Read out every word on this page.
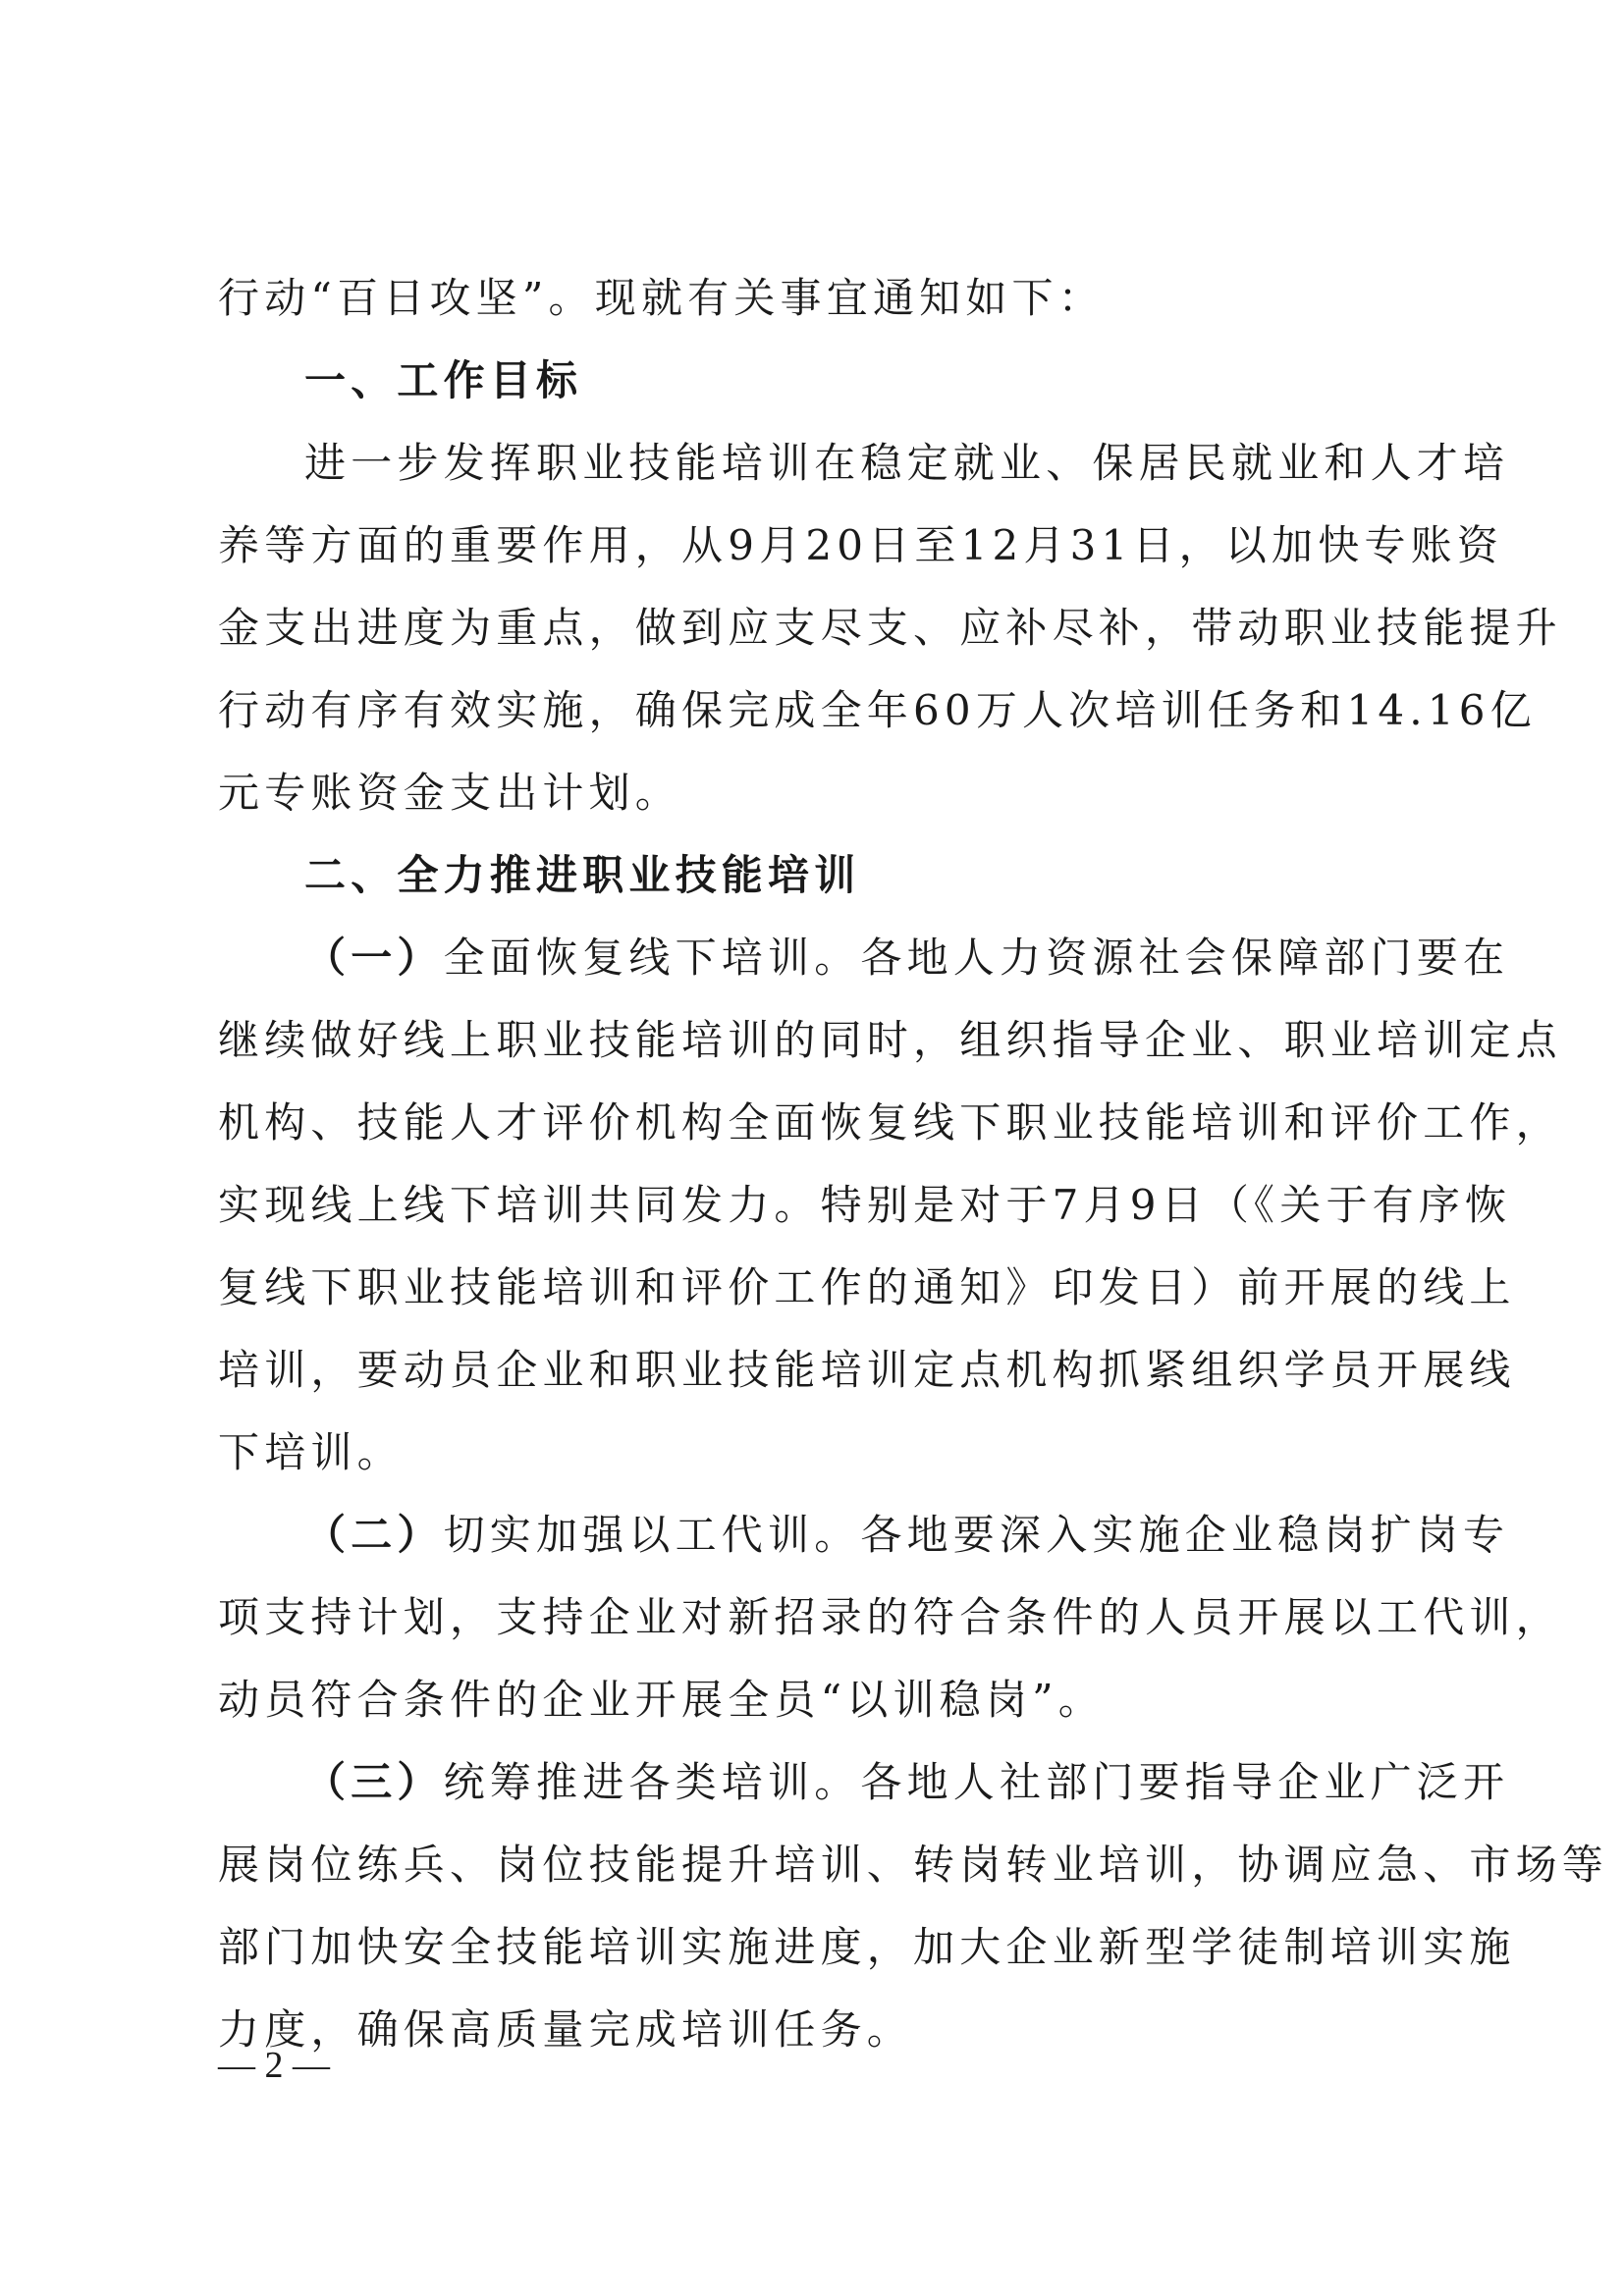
行动“百日攻坚”。现就有关事宜通知如下：
一、工作目标
进一步发挥职业技能培训在稳定就业、保居民就业和人才培
养等方面的重要作用，从9月20日至12月31日，以加快专账资
金支出进度为重点，做到应支尽支、应补尽补，带动职业技能提升
行动有序有效实施，确保完成全年60万人次培训任务和14.16亿
元专账资金支出计划。
二、全力推进职业技能培训
（一）全面恢复线下培训。各地人力资源社会保障部门要在
继续做好线上职业技能培训的同时，组织指导企业、职业培训定点
机构、技能人才评价机构全面恢复线下职业技能培训和评价工作，
实现线上线下培训共同发力。特别是对于7月9日（《关于有序恢
复线下职业技能培训和评价工作的通知》印发日）前开展的线上
培训，要动员企业和职业技能培训定点机构抓紧组织学员开展线
下培训。
（二）切实加强以工代训。各地要深入实施企业稳岗扩岗专
项支持计划，支持企业对新招录的符合条件的人员开展以工代训，
动员符合条件的企业开展全员“以训稳岗”。
（三）统筹推进各类培训。各地人社部门要指导企业广泛开
展岗位练兵、岗位技能提升培训、转岗转业培训，协调应急、市场等
部门加快安全技能培训实施进度，加大企业新型学徒制培训实施
力度，确保高质量完成培训任务。
— 2 —
